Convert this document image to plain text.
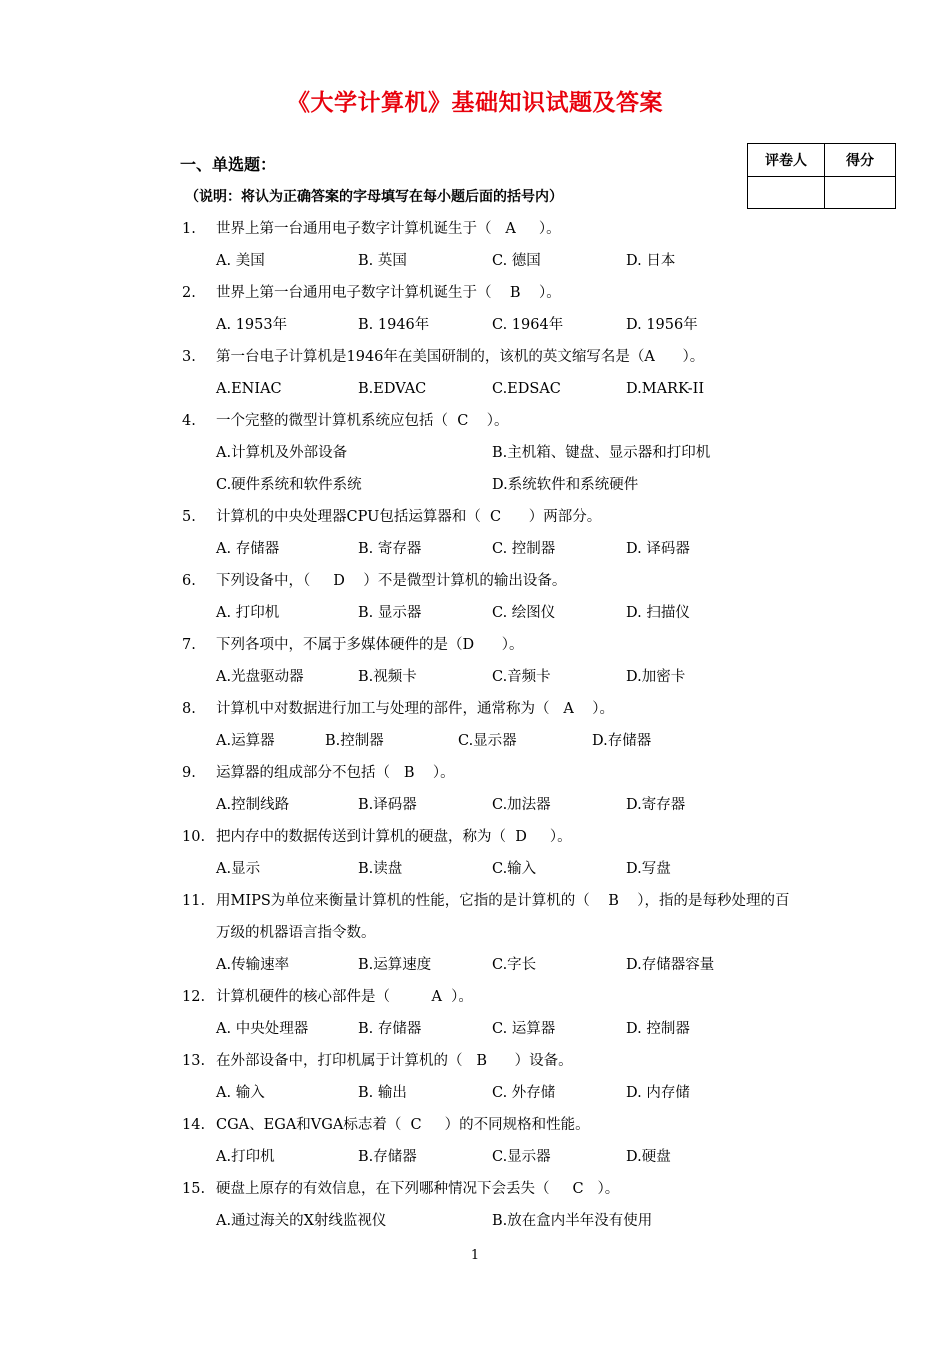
《大学计算机》基础知识试题及答案
一、单选题：
（说明：将认为正确答案的字母填写在每小题后面的括号内）
评卷人	得分

1. 世界上第一台通用电子数字计算机诞生于（   A     ）。
A. 美国	B. 英国	C. 德国	D. 日本
2. 世界上第一台通用电子数字计算机诞生于（    B    ）。
A. 1953年	B. 1946年	C. 1964年	D. 1956年
3. 第一台电子计算机是1946年在美国研制的，该机的英文缩写名是（A      ）。
A.ENIAC	B.EDVAC	C.EDSAC	D.MARK-II
4. 一个完整的微型计算机系统应包括（  C    ）。
A.计算机及外部设备	B.主机箱、键盘、显示器和打印机
C.硬件系统和软件系统	D.系统软件和系统硬件
5. 计算机的中央处理器CPU包括运算器和（  C      ）两部分。
A. 存储器	B. 寄存器	C. 控制器	D. 译码器
6. 下列设备中，（     D    ）不是微型计算机的输出设备。
A. 打印机	B. 显示器	C. 绘图仪	D. 扫描仪
7. 下列各项中，不属于多媒体硬件的是（D      ）。
A.光盘驱动器	B.视频卡	C.音频卡	D.加密卡
8. 计算机中对数据进行加工与处理的部件，通常称为（   A    ）。
A.运算器	B.控制器	C.显示器	D.存储器
9. 运算器的组成部分不包括（   B    ）。
A.控制线路	B.译码器	C.加法器	D.寄存器
10. 把内存中的数据传送到计算机的硬盘，称为（  D     ）。
A.显示	B.读盘	C.输入	D.写盘
11. 用MIPS为单位来衡量计算机的性能，它指的是计算机的（    B    ），指的是每秒处理的百
万级的机器语言指令数。
A.传输速率	B.运算速度	C.字长	D.存储器容量
12. 计算机硬件的核心部件是（         A  ）。
A. 中央处理器	B. 存储器	C. 运算器	D. 控制器
13. 在外部设备中，打印机属于计算机的（   B      ）设备。
A. 输入	B. 输出	C. 外存储	D. 内存储
14. CGA、EGA和VGA标志着（  C     ）的不同规格和性能。
A.打印机	B.存储器	C.显示器	D.硬盘
15. 硬盘上原存的有效信息，在下列哪种情况下会丢失（     C   ）。
A.通过海关的X射线监视仪	B.放在盒内半年没有使用
1
